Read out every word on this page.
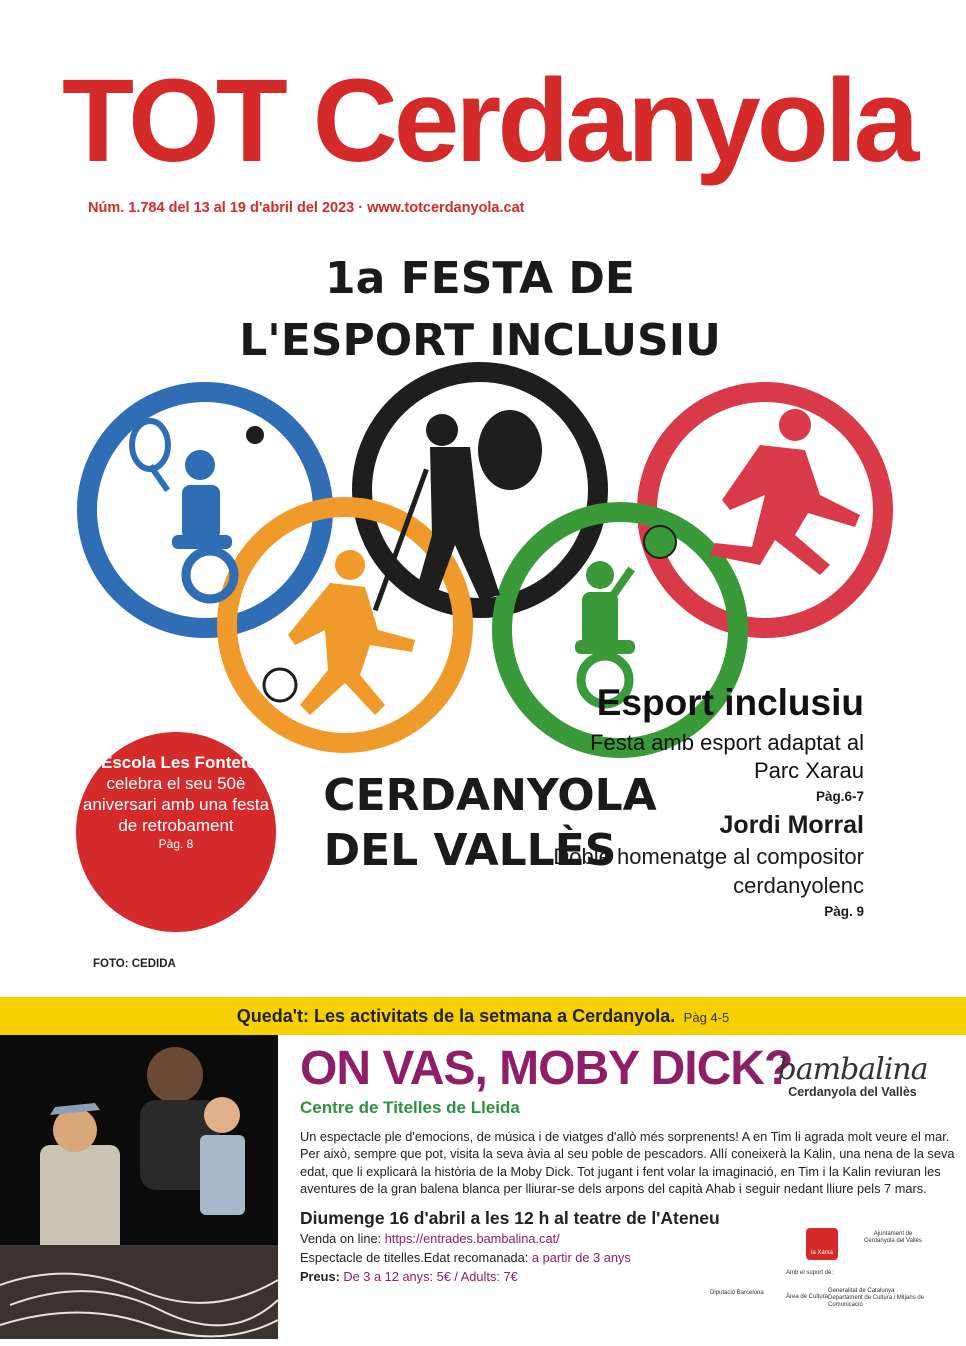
TOT Cerdanyola
Núm. 1.784 del 13 al 19 d'abril del 2023 · www.totcerdanyola.cat
1a FESTA DE
L'ESPORT INCLUSIU
CERDANYOLA
DEL VALLÈS
L'Escola Les Fontetes
celebra el seu 50è aniversari amb una festa de retrobament
Pàg. 8
Esport inclusiu
Festa amb esport adaptat al Parc Xarau
Pàg.6-7
Jordi Morral
Doble homenatge al compositor cerdanyolenc
Pàg. 9
FOTO: CEDIDA
Queda't: Les activitats de la setmana a Cerdanyola. Pàg 4-5
ON VAS, MOBY DICK?
Centre de Titelles de Lleida
Un espectacle ple d'emocions, de música i de viatges d'allò més sorprenents! A en Tim li agrada molt veure el mar. Per això, sempre que pot, visita la seva àvia al seu poble de pescadors. Allí coneixerà la Kalin, una nena de la seva edat, que li explicarà la història de la Moby Dick. Tot jugant i fent volar la imaginació, en Tim i la Kalin reviuran les aventures de la gran balena blanca per lliurar-se dels arpons del capità Ahab i seguir nedant lliure pels 7 mars.
Diumenge 16 d'abril a les 12 h al teatre de l'Ateneu
Venda on line: https://entrades.bambalina.cat/
Espectacle de titelles.Edat recomanada: a partir de 3 anys
Preus: De 3 a 12 anys: 5€ / Adults: 7€
bambalina
Cerdanyola del Vallès
la Xarxa
Ajuntament de Cerdanyola del Vallès
Amb el suport de:
Diputació Barcelona
Àrea de Cultura
Generalitat de Catalunya Departament de Cultura i Mitjans de Comunicació
